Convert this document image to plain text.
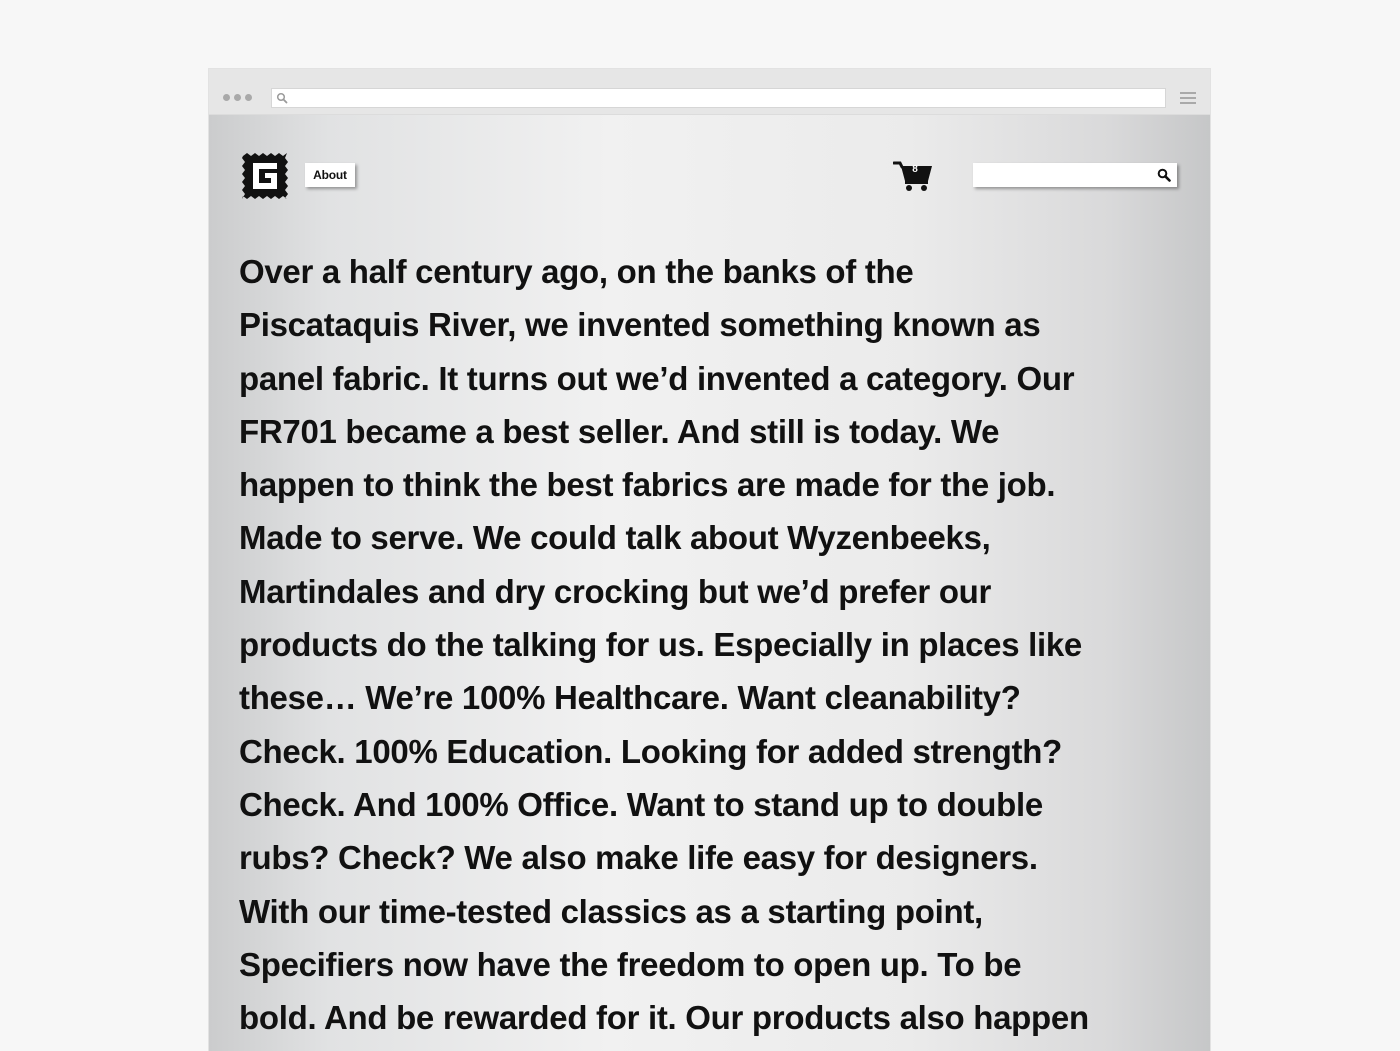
About	8

Over a half century ago, on the banks of the
Piscataquis River, we invented something known as
panel fabric. It turns out we’d invented a category. Our
FR701 became a best seller. And still is today. We
happen to think the best fabrics are made for the job.
Made to serve. We could talk about Wyzenbeeks,
Martindales and dry crocking but we’d prefer our
products do the talking for us. Especially in places like
these… We’re 100% Healthcare. Want cleanability?
Check. 100% Education. Looking for added strength?
Check. And 100% Office. Want to stand up to double
rubs? Check? We also make life easy for designers.
With our time-tested classics as a starting point,
Specifiers now have the freedom to open up. To be
bold. And be rewarded for it. Our products also happen
